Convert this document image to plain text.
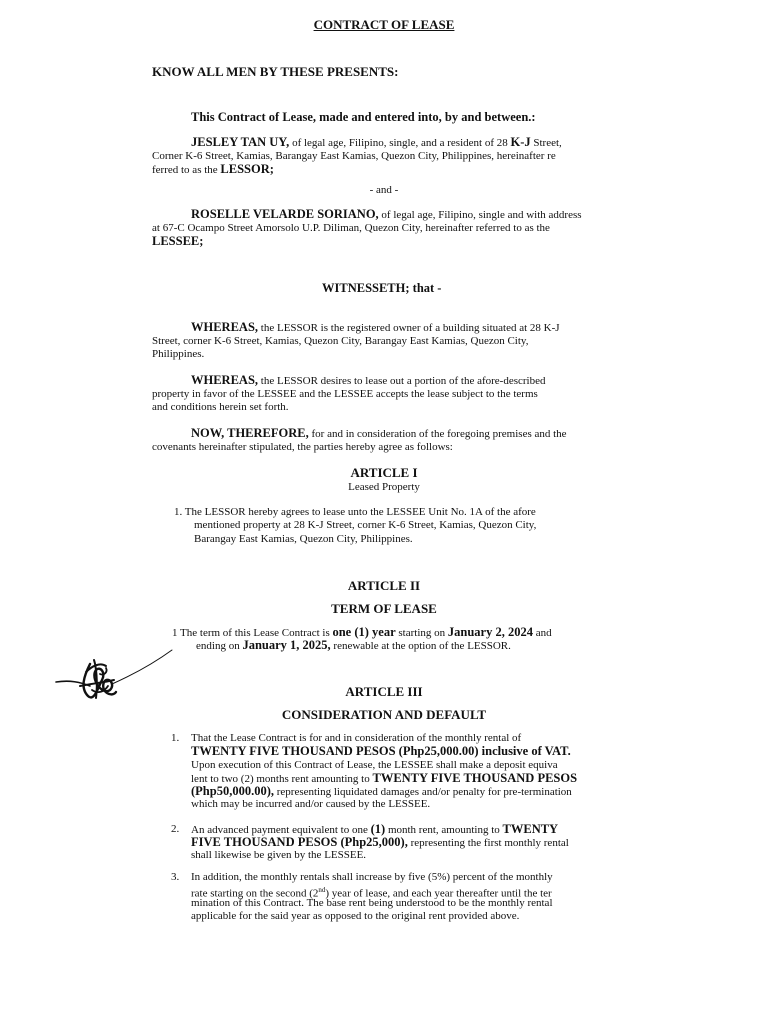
CONTRACT OF LEASE
KNOW ALL MEN BY THESE PRESENTS:
This Contract of Lease, made and entered into, by and between.:
JESLEY TAN UY, of legal age, Filipino, single, and a resident of 28 K-J Street,
Corner K-6 Street, Kamias, Barangay East Kamias, Quezon City, Philippines, hereinafter re
ferred to as the LESSOR;
- and -
ROSELLE VELARDE SORIANO, of legal age, Filipino, single and with address
at 67-C Ocampo Street Amorsolo U.P. Diliman, Quezon City, hereinafter referred to as the
LESSEE;
WITNESSETH; that -
WHEREAS, the LESSOR is the registered owner of a building situated at 28 K-J
Street, corner K-6 Street, Kamias, Quezon City, Barangay East Kamias, Quezon City,
Philippines.
WHEREAS, the LESSOR desires to lease out a portion of the afore-described
property in favor of the LESSEE and the LESSEE accepts the lease subject to the terms
and conditions herein set forth.
NOW, THEREFORE, for and in consideration of the foregoing premises and the
covenants hereinafter stipulated, the parties hereby agree as follows:
ARTICLE I
Leased Property
1. The LESSOR hereby agrees to lease unto the LESSEE Unit No. 1A of the afore
mentioned property at 28 K-J Street, corner K-6 Street, Kamias, Quezon City,
Barangay East Kamias, Quezon City, Philippines.
ARTICLE II
TERM OF LEASE
1 The term of this Lease Contract is one (1) year starting on January 2, 2024 and
ending on January 1, 2025, renewable at the option of the LESSOR.
ARTICLE III
CONSIDERATION AND DEFAULT
1. That the Lease Contract is for and in consideration of the monthly rental of
TWENTY FIVE THOUSAND PESOS (Php25,000.00) inclusive of VAT.
Upon execution of this Contract of Lease, the LESSEE shall make a deposit equiva
lent to two (2) months rent amounting to TWENTY FIVE THOUSAND PESOS
(Php50,000.00), representing liquidated damages and/or penalty for pre-termination
which may be incurred and/or caused by the LESSEE.
2. An advanced payment equivalent to one (1) month rent, amounting to TWENTY
FIVE THOUSAND PESOS (Php25,000), representing the first monthly rental
shall likewise be given by the LESSEE.
3. In addition, the monthly rentals shall increase by five (5%) percent of the monthly
rate starting on the second (2nd) year of lease, and each year thereafter until the ter
mination of this Contract. The base rent being understood to be the monthly rental
applicable for the said year as opposed to the original rent provided above.
